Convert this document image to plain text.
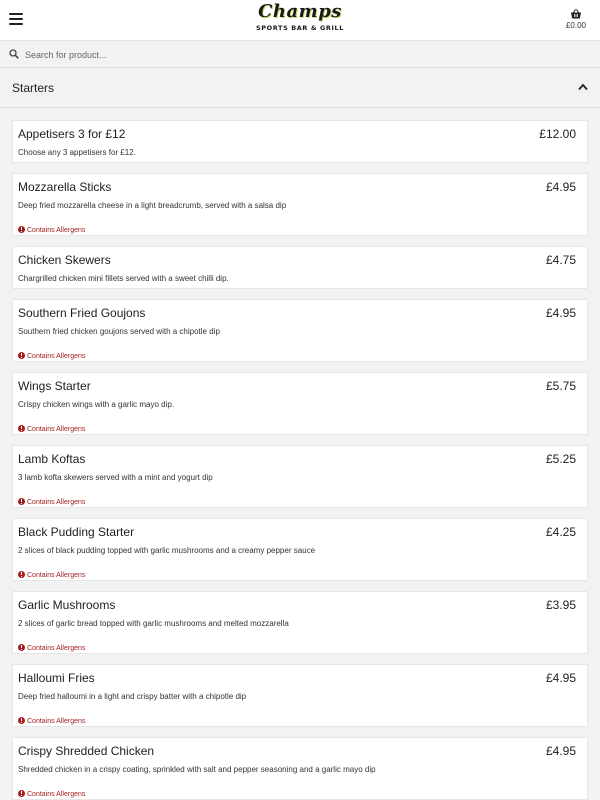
Champs
SPORTS BAR & GRILL	£0.00
Search for product...
Starters
Appetisers 3 for £12	£12.00
Choose any 3 appetisers for £12.
Mozzarella Sticks	£4.95
Deep fried mozzarella cheese in a light breadcrumb, served with a salsa dip
Contains Allergens
Chicken Skewers	£4.75
Chargrilled chicken mini fillets served with a sweet chilli dip.
Southern Fried Goujons	£4.95
Southern fried chicken goujons served with a chipotle dip
Contains Allergens
Wings Starter	£5.75
Crispy chicken wings with a garlic mayo dip.
Contains Allergens
Lamb Koftas	£5.25
3 lamb kofta skewers served with a mint and yogurt dip
Contains Allergens
Black Pudding Starter	£4.25
2 slices of black pudding topped with garlic mushrooms and a creamy pepper sauce
Contains Allergens
Garlic Mushrooms	£3.95
2 slices of garlic bread topped with garlic mushrooms and melted mozzarella
Contains Allergens
Halloumi Fries	£4.95
Deep fried halloumi in a light and crispy batter with a chipotle dip
Contains Allergens
Crispy Shredded Chicken	£4.95
Shredded chicken in a crispy coating, sprinkled with salt and pepper seasoning and a garlic mayo dip
Contains Allergens
